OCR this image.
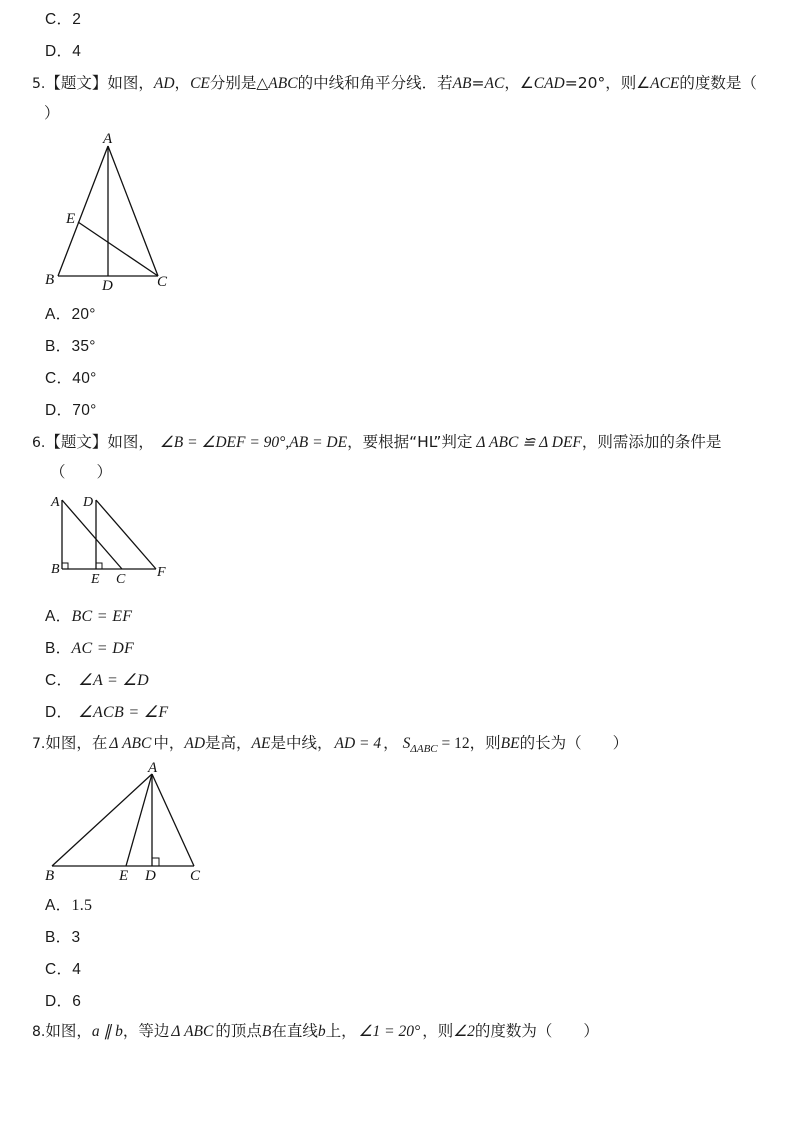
C．2
D．4
5.【题文】如图，AD，CE分别是△ABC的中线和角平分线．若AB=AC，∠CAD=20°，则∠ACE的度数是（
）
A
E
B	D	C
A．20°
B．35°
C．40°
D．70°
6.【题文】如图， ∠B = ∠DEF = 90°,AB = DE，要根据“HL”判定 Δ ABC ≌ Δ DEF，则需添加的条件是
（　　）
A D
B
E C F
A．BC = EF
B．AC = DF
C． ∠A = ∠D
D． ∠ACB = ∠F
7.如图，在 Δ ABC 中，AD是高，AE是中线， AD = 4 ， $S_{\Delta ABC} = 12$，则BE的长为（　　）
A
B	E D C
A．1.5
B．3
C．4
D．6
8.如图，a ∥ b，等边 Δ ABC 的顶点B在直线b上， ∠1 = 20° ，则∠2的度数为（　　）
